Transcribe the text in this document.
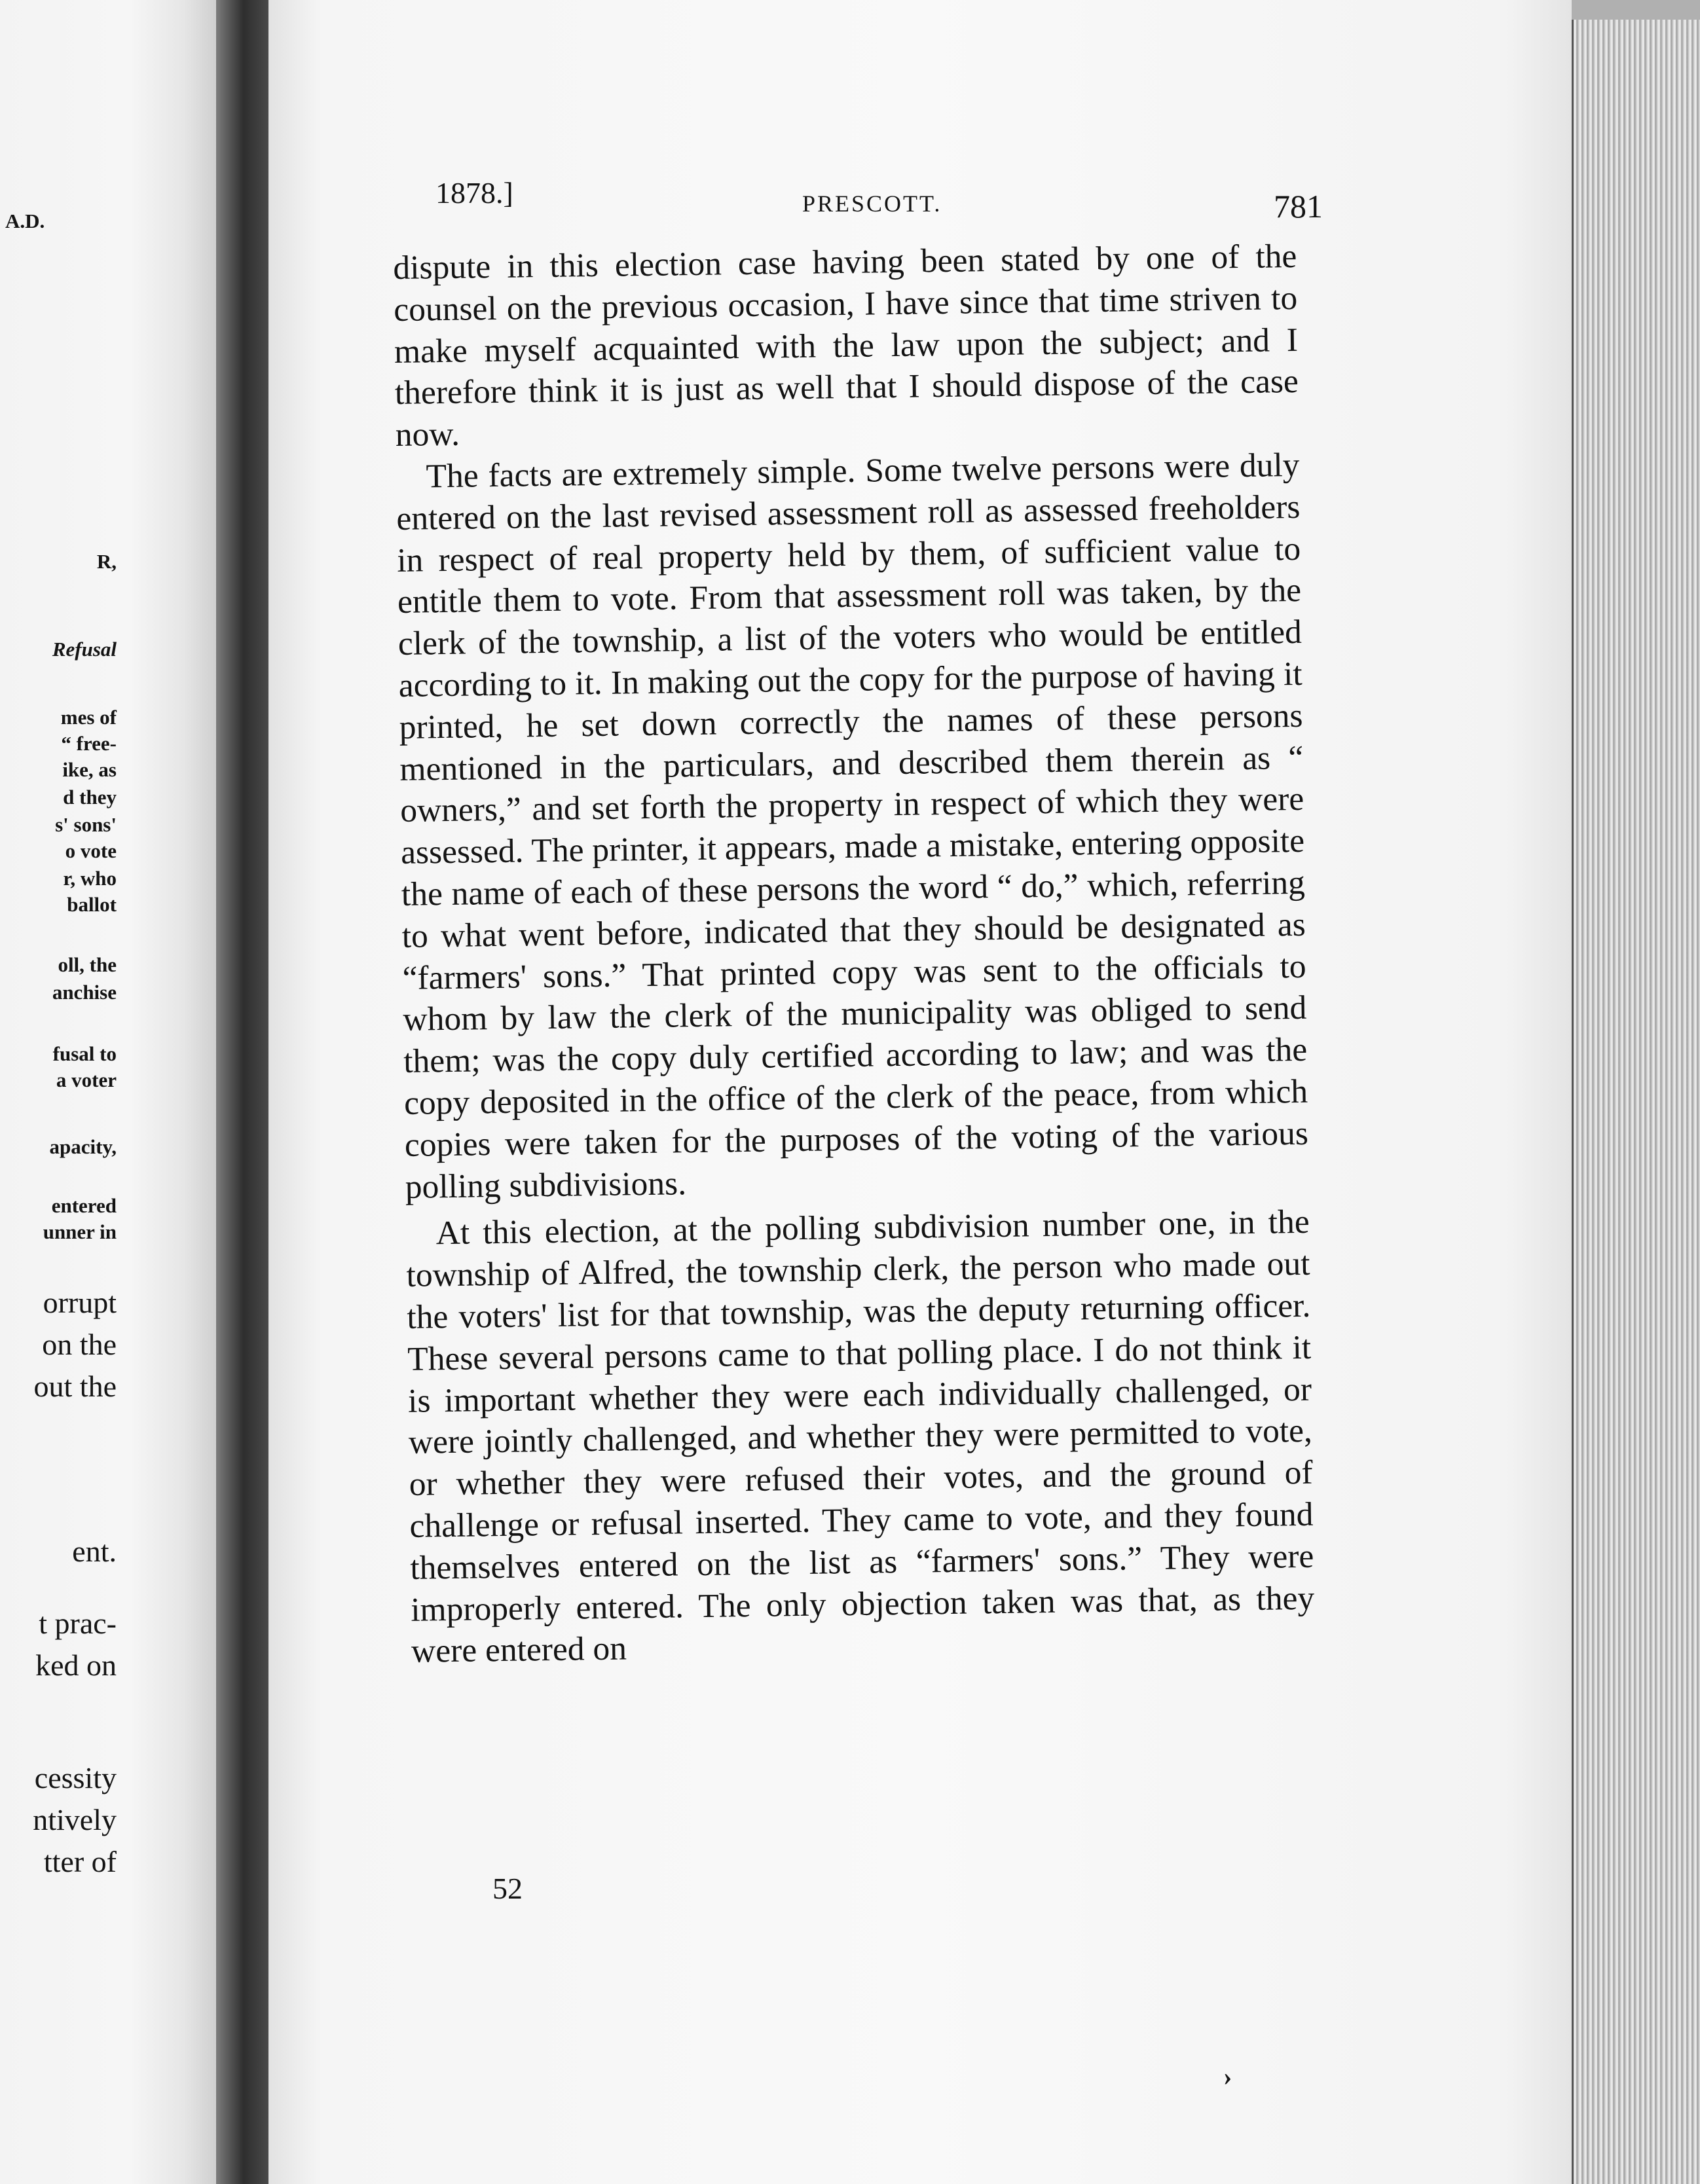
A.D.
R,
Refusal
mes of
“ free-
ike, as
d they
s' sons'
o vote
r, who
ballot
oll, the
anchise
fusal to
a voter
apacity,
entered
unner in
orrupt
on the
out the
ent.
t prac-
ked on
cessity
ntively
tter of
1878.]	PRESCOTT.	781

dispute in this election case having been stated by one of the counsel on the previous occasion, I have since that time striven to make myself acquainted with the law upon the subject; and I therefore think it is just as well that I should dispose of the case now.

The facts are extremely simple. Some twelve persons were duly entered on the last revised assessment roll as assessed freeholders in respect of real property held by them, of sufficient value to entitle them to vote. From that assessment roll was taken, by the clerk of the township, a list of the voters who would be entitled according to it. In making out the copy for the purpose of having it printed, he set down correctly the names of these persons mentioned in the particulars, and described them therein as “ owners,” and set forth the property in respect of which they were assessed. The printer, it appears, made a mistake, entering opposite the name of each of these persons the word “ do,” which, referring to what went before, indicated that they should be designated as “farmers' sons.” That printed copy was sent to the officials to whom by law the clerk of the municipality was obliged to send them; was the copy duly certified according to law; and was the copy deposited in the office of the clerk of the peace, from which copies were taken for the purposes of the voting of the various polling subdivisions.

At this election, at the polling subdivision number one, in the township of Alfred, the township clerk, the person who made out the voters' list for that township, was the deputy returning officer. These several persons came to that polling place. I do not think it is important whether they were each individually challenged, or were jointly challenged, and whether they were permitted to vote, or whether they were refused their votes, and the ground of challenge or refusal inserted. They came to vote, and they found themselves entered on the list as “farmers' sons.” They were improperly entered. The only objection taken was that, as they were entered on

52
›
